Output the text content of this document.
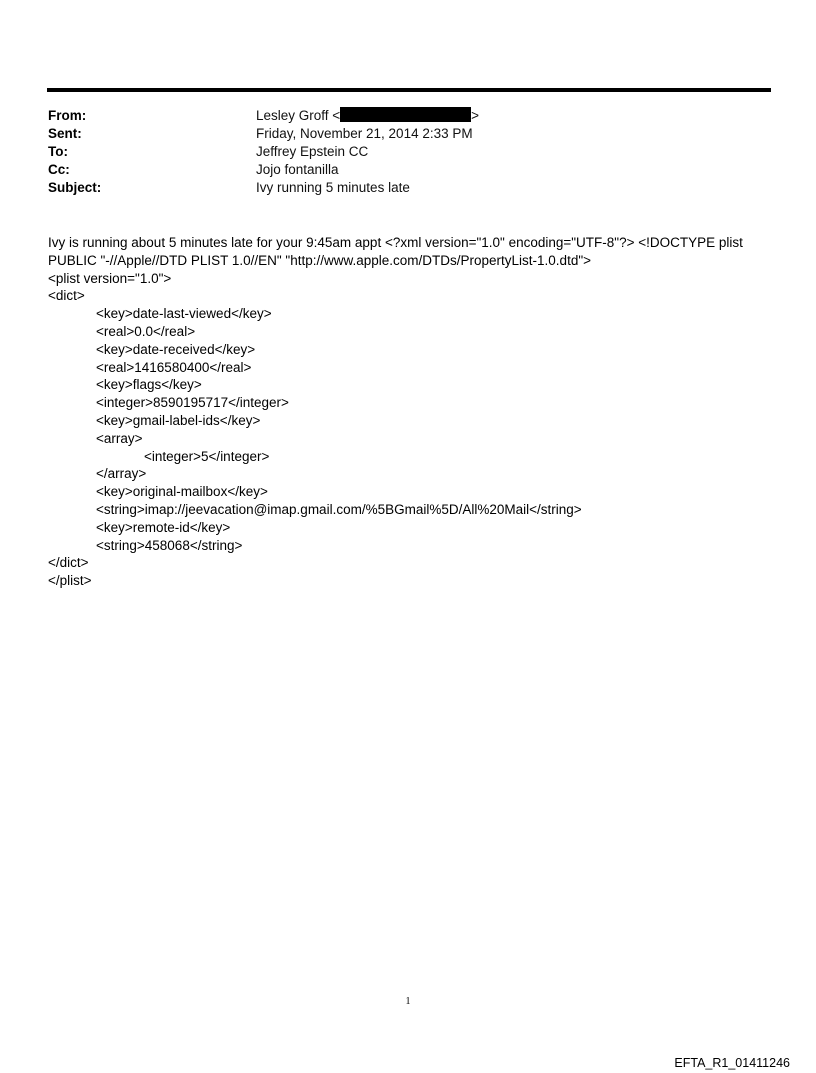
From:	Lesley Groff <	>
Sent:	Friday, November 21, 2014 2:33 PM
To:	Jeffrey Epstein CC
Cc:	Jojo fontanilla
Subject:	Ivy running 5 minutes late
Ivy is running about 5 minutes late for your 9:45am appt <?xml version="1.0" encoding="UTF-8"?> <!DOCTYPE plist
PUBLIC "-//Apple//DTD PLIST 1.0//EN" "http://www.apple.com/DTDs/PropertyList-1.0.dtd">
<plist version="1.0">
<dict>
<key>date-last-viewed</key>
<real>0.0</real>
<key>date-received</key>
<real>1416580400</real>
<key>flags</key>
<integer>8590195717</integer>
<key>gmail-label-ids</key>
<array>
<integer>5</integer>
</array>
<key>original-mailbox</key>
<string>imap://jeevacation@imap.gmail.com/%5BGmail%5D/All%20Mail</string>
<key>remote-id</key>
<string>458068</string>
</dict>
</plist>
1
EFTA_R1_01411246
